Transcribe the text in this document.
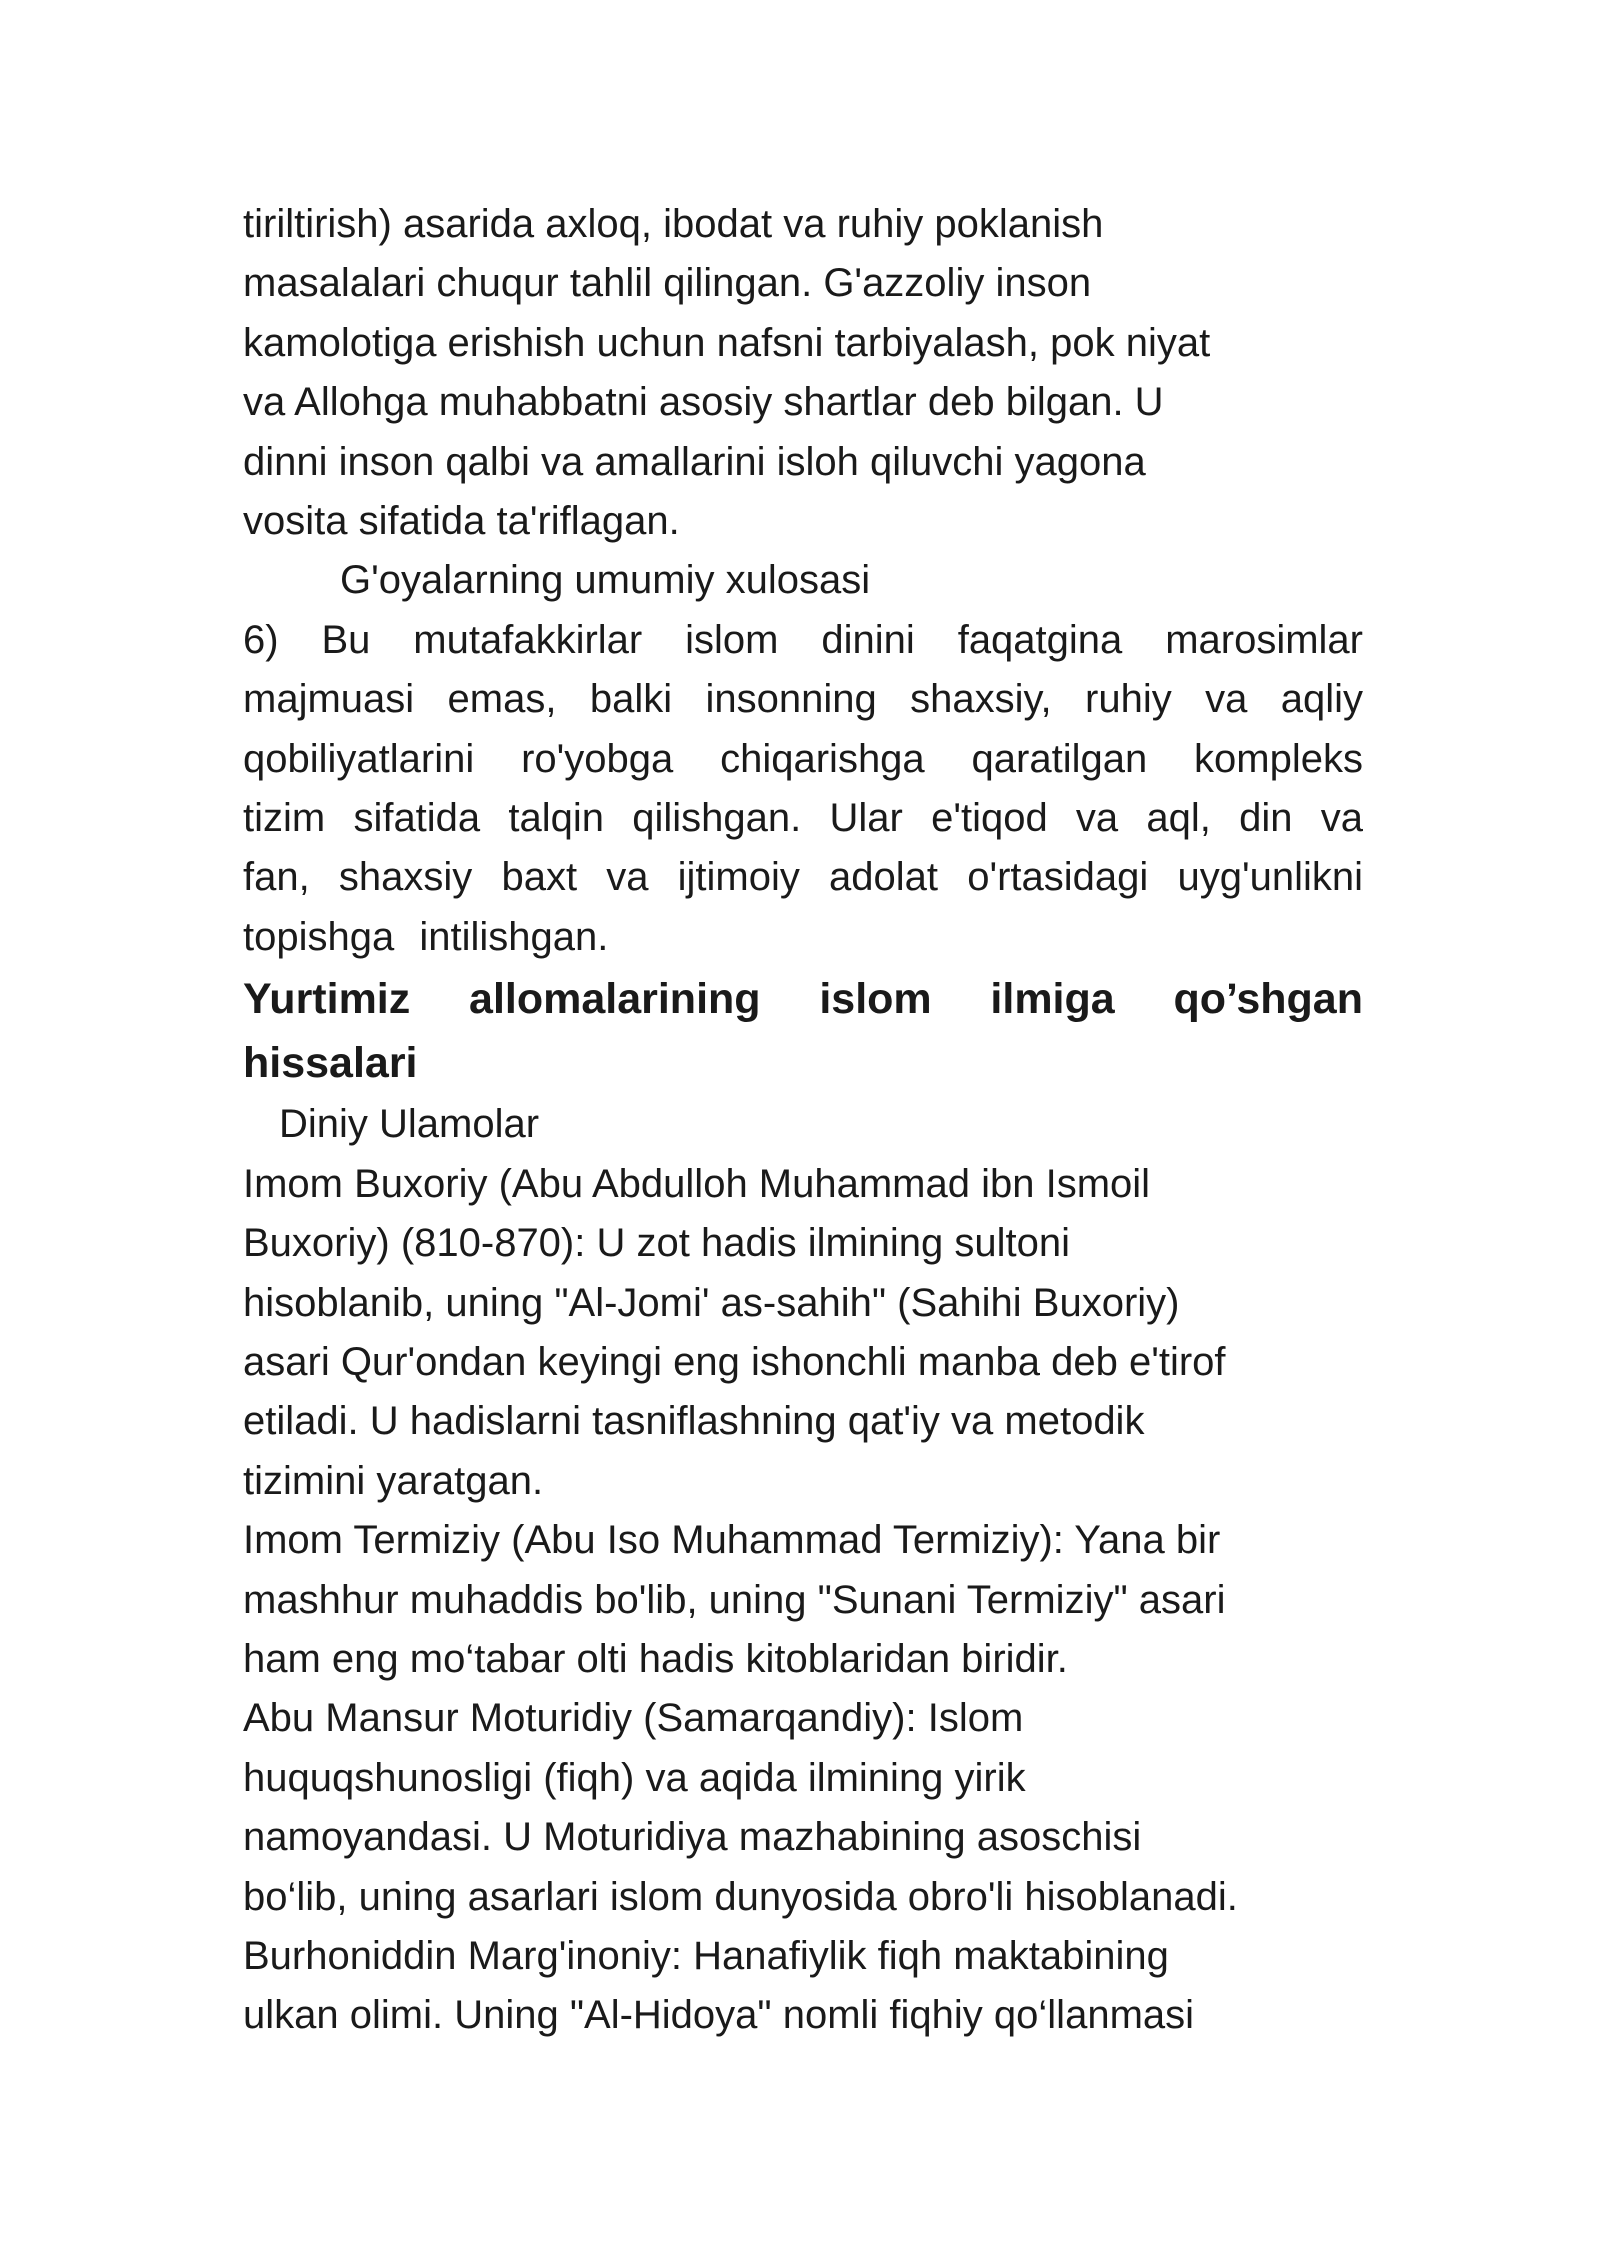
tiriltirish) asarida axloq, ibodat va ruhiy poklanish
masalalari chuqur tahlil qilingan. G'azzoliy inson
kamolotiga erishish uchun nafsni tarbiyalash, pok niyat
va Allohga muhabbatni asosiy shartlar deb bilgan. U
dinni inson qalbi va amallarini isloh qiluvchi yagona
vosita sifatida ta'riflagan.

G'oyalarning umumiy xulosasi

6) Bu mutafakkirlar islom dinini faqatgina marosimlar majmuasi emas, balki insonning shaxsiy, ruhiy va aqliy qobiliyatlarini ro'yobga chiqarishga qaratilgan kompleks tizim sifatida talqin qilishgan. Ular e'tiqod va aql, din va fan, shaxsiy baxt va ijtimoiy adolat o'rtasidagi uyg'unlikni topishga intilishgan.

Yurtimiz allomalarining islom ilmiga qo’shgan hissalari

Diniy Ulamolar

Imom Buxoriy (Abu Abdulloh Muhammad ibn Ismoil
Buxoriy) (810-870): U zot hadis ilmining sultoni
hisoblanib, uning "Al-Jomi' as-sahih" (Sahihi Buxoriy)
asari Qur'ondan keyingi eng ishonchli manba deb e'tirof
etiladi. U hadislarni tasniflashning qat'iy va metodik
tizimini yaratgan.

Imom Termiziy (Abu Iso Muhammad Termiziy): Yana bir
mashhur muhaddis bo'lib, uning "Sunani Termiziy" asari
ham eng mo‘tabar olti hadis kitoblaridan biridir.

Abu Mansur Moturidiy (Samarqandiy): Islom
huquqshunosligi (fiqh) va aqida ilmining yirik
namoyandasi. U Moturidiya mazhabining asoschisi
bo‘lib, uning asarlari islom dunyosida obro'li hisoblanadi.

Burhoniddin Marg'inoniy: Hanafiylik fiqh maktabining
ulkan olimi. Uning "Al-Hidoya" nomli fiqhiy qo‘llanmasi
